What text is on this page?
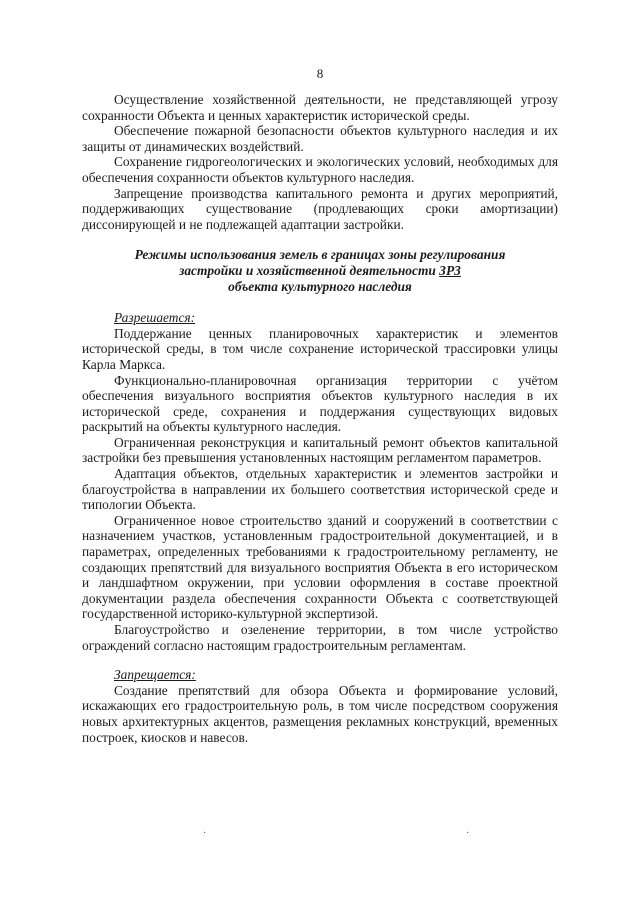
8

Осуществление хозяйственной деятельности, не представляющей угрозу сохранности Объекта и ценных характеристик исторической среды.

Обеспечение пожарной безопасности объектов культурного наследия и их защиты от динамических воздействий.

Сохранение гидрогеологических и экологических условий, необходимых для обеспечения сохранности объектов культурного наследия.

Запрещение производства капитального ремонта и других мероприятий, поддерживающих существование (продлевающих сроки амортизации) диссонирующей и не подлежащей адаптации застройки.

Режимы использования земель в границах зоны регулирования
застройки и хозяйственной деятельности ЗР3
объекта культурного наследия
Разрешается:

Поддержание ценных планировочных характеристик и элементов исторической среды, в том числе сохранение исторической трассировки улицы Карла Маркса.

Функционально-планировочная организация территории с учётом обеспечения визуального восприятия объектов культурного наследия в их исторической среде, сохранения и поддержания существующих видовых раскрытий на объекты культурного наследия.

Ограниченная реконструкция и капитальный ремонт объектов капитальной застройки без превышения установленных настоящим регламентом параметров.

Адаптация объектов, отдельных характеристик и элементов застройки и благоустройства в направлении их большего соответствия исторической среде и типологии Объекта.

Ограниченное новое строительство зданий и сооружений в соответствии с назначением участков, установленным градостроительной документацией, и в параметрах, определенных требованиями к градостроительному регламенту, не создающих препятствий для визуального восприятия Объекта в его историческом и ландшафтном окружении, при условии оформления в составе проектной документации раздела обеспечения сохранности Объекта с соответствующей государственной историко-культурной экспертизой.

Благоустройство и озеленение территории, в том числе устройство ограждений согласно настоящим градостроительным регламентам.

Запрещается:

Создание препятствий для обзора Объекта и формирование условий, искажающих его градостроительную роль, в том числе посредством сооружения новых архитектурных акцентов, размещения рекламных конструкций, временных построек, киосков и навесов.

·	·
